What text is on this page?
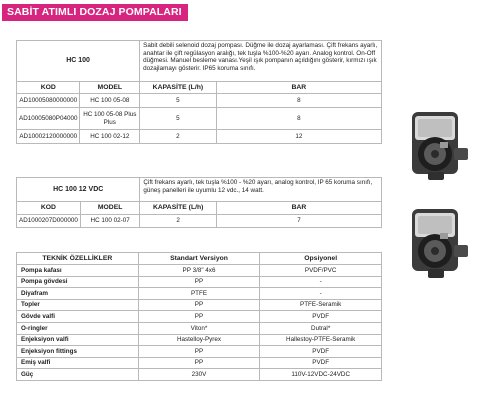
SABİT ATIMLI DOZAJ POMPALARI
HC 100		Sabit debili selenoid dozaj pompası. Düğme ile dozaj ayarlaması. Çift frekans ayarlı, anahtar ile çift regülasyon aralığı, tek tuşla %100-%20 ayarı. Analog kontrol. On-Off düğmesi. Manuel besleme vanası.Yeşil ışık pompanın açıldığını gösterir, kırmızı ışık dozajlamayı gösterir. IP65 koruma sınıfı.	
KOD	MODEL	KAPASİTE (L/h)	BAR
AD10005080000000	HC 100 05-08	5	8
AD10005080P04000	HC 100 05-08 Plus Plus	5	8
AD10002120000000	HC 100 02-12	2	12
HC 100 12 VDC		Çift frekans ayarlı, tek tuşla %100 - %20 ayarı, analog kontrol, IP 65 koruma sınıfı, güneş panelleri ile uyumlu 12 vdc., 14 watt.	
KOD	MODEL	KAPASİTE (L/h)	BAR
AD1000207D000000	HC 100 02-07	2	7
TEKNİK ÖZELLİKLER	Standart Versiyon	Opsiyonel
Pompa kafası	PP 3/8" 4x6	PVDF/PVC
Pompa gövdesi	PP	-
Diyafram	PTFE	-
Topler	PP	PTFE-Seramik
Gövde valfi	PP	PVDF
O-ringler	Viton*	Dutral*
Enjeksiyon valfi	Hastelloy-Pyrex	Hallestoy-PTFE-Seramik
Enjeksiyon fittings	PP	PVDF
Emiş valfi	PP	PVDF
Güç	230V	110V-12VDC-24VDC
